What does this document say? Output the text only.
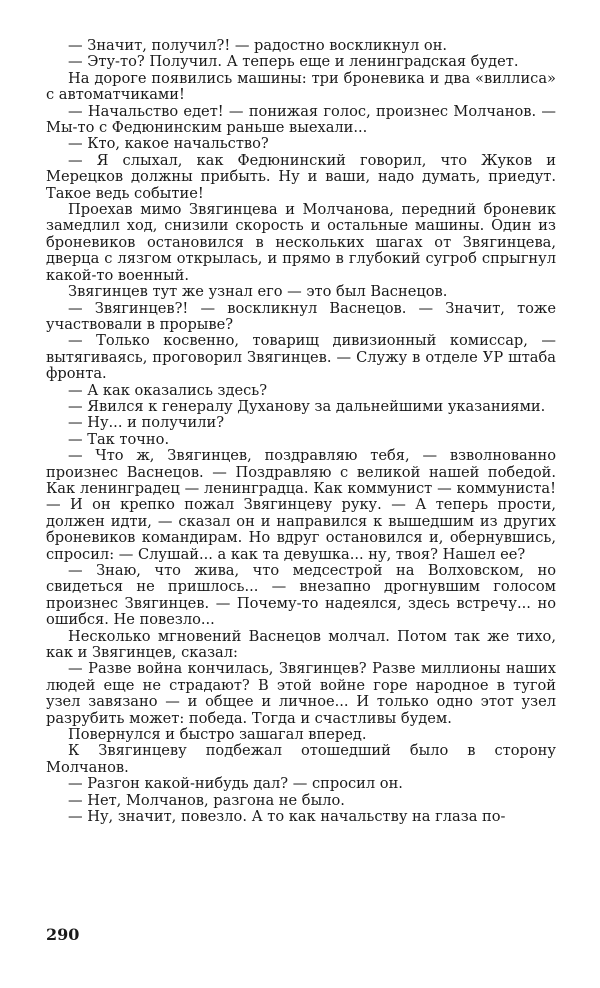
— Значит, получил?! — радостно воскликнул он.

— Эту-то? Получил. А теперь еще и ленинградская будет.

На дороге появились машины: три броневика и два «виллиса» с автоматчиками!

— Начальство едет! — понижая голос, произнес Молчанов. — Мы-то с Федюнинским раньше выехали...

— Кто, какое начальство?

— Я слыхал, как Федюнинский говорил, что Жуков и Мерецков должны прибыть. Ну и ваши, надо думать, приедут. Такое ведь событие!

Проехав мимо Звягинцева и Молчанова, передний броневик замедлил ход, снизили скорость и остальные машины. Один из броневиков остановился в нескольких шагах от Звягинцева, дверца с лязгом открылась, и прямо в глубокий сугроб спрыгнул какой-то военный.

Звягинцев тут же узнал его — это был Васнецов.

— Звягинцев?! — воскликнул Васнецов. — Значит, тоже участвовали в прорыве?

— Только косвенно, товарищ дивизионный комиссар, — вытягиваясь, проговорил Звягинцев. — Служу в отделе УР штаба фронта.

— А как оказались здесь?

— Явился к генералу Духанову за дальнейшими указаниями.

— Ну... и получили?

— Так точно.

— Что ж, Звягинцев, поздравляю тебя, — взволнованно произнес Васнецов. — Поздравляю с великой нашей победой. Как ленинградец — ленинградца. Как коммунист — коммуниста! — И он крепко пожал Звягинцеву руку. — А теперь прости, должен идти, — сказал он и направился к вышедшим из других броневиков командирам. Но вдруг остановился и, обернувшись, спросил: — Слушай... а как та девушка... ну, твоя? Нашел ее?

— Знаю, что жива, что медсестрой на Волховском, но свидеться не пришлось... — внезапно дрогнувшим голосом произнес Звягинцев. — Почему-то надеялся, здесь встречу... но ошибся. Не повезло...

Несколько мгновений Васнецов молчал. Потом так же тихо, как и Звягинцев, сказал:

— Разве война кончилась, Звягинцев? Разве миллионы наших людей еще не страдают? В этой войне горе народное в тугой узел завязано — и общее и личное... И только одно этот узел разрубить может: победа. Тогда и счастливы будем.

Повернулся и быстро зашагал вперед.

К Звягинцеву подбежал отошедший было в сторону Молчанов.

— Разгон какой-нибудь дал? — спросил он.

— Нет, Молчанов, разгона не было.

— Ну, значит, повезло. А то как начальству на глаза по-

290
